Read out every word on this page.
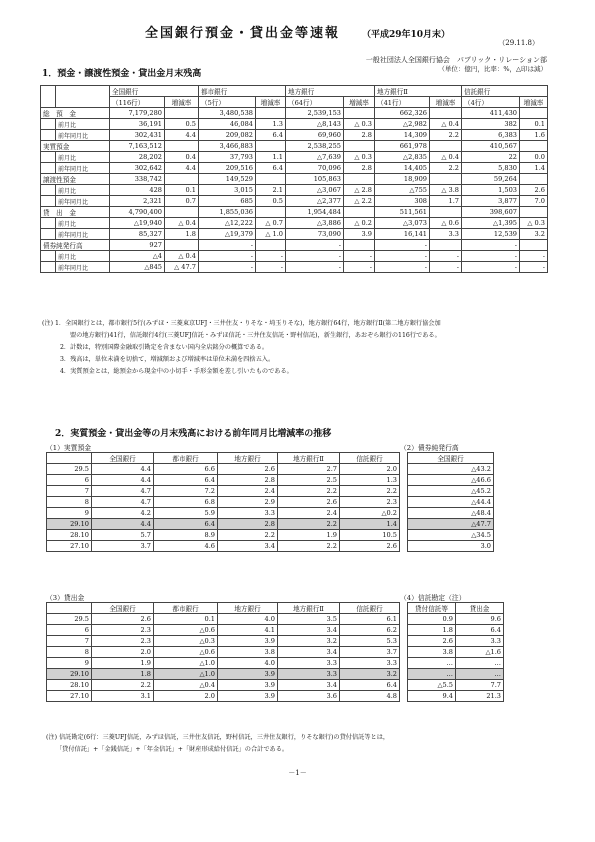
全国銀行預金・貸出金等速報 （平成29年10月末）
（29.11.8）
一般社団法人全国銀行協会　パブリック・リレーション部
1．預金・譲渡性預金・貸出金月末残高	（単位：億円，比率：%，△印は減）
		全国銀行		都市銀行		地方銀行		地方銀行Ⅱ		信託銀行	
		（116行）	増減率	（5行）	増減率	（64行）	増減率	（41行）	増減率	（4行）	増減率
総　預　金		7,179,280		3,480,538		2,539,153		662,326		411,430	
	前月比	36,191	0.5	46,084	1.3	△8,143	△ 0.3	△2,982	△ 0.4	382	0.1
	前年同月比	302,431	4.4	209,082	6.4	69,960	2.8	14,309	2.2	6,383	1.6
実質預金		7,163,512		3,466,883		2,538,255		661,978		410,567	
	前月比	28,202	0.4	37,793	1.1	△7,639	△ 0.3	△2,835	△ 0.4	22	0.0
	前年同月比	302,642	4.4	209,516	6.4	70,096	2.8	14,405	2.2	5,830	1.4
譲渡性預金		338,742		149,529		105,863		18,909		59,264	
	前月比	428	0.1	3,015	2.1	△3,067	△ 2.8	△755	△ 3.8	1,503	2.6
	前年同月比	2,321	0.7	685	0.5	△2,377	△ 2.2	308	1.7	3,877	7.0
貸　出　金		4,790,400		1,855,036		1,954,484		511,561		398,607	
	前月比	△19,940	△ 0.4	△12,222	△ 0.7	△3,886	△ 0.2	△3,073	△ 0.6	△1,395	△ 0.3
	前年同月比	85,327	1.8	△19,379	△ 1.0	73,090	3.9	16,141	3.3	12,539	3.2
債券純発行高		927		-		-		-		-	
	前月比	△4	△ 0.4	-	-	-	-	-	-	-	-
	前年同月比	△845	△ 47.7	-	-	-	-	-	-	-	-
(注) 1．全国銀行とは，都市銀行5行(みずほ・三菱東京UFJ・三井住友・りそな・埼玉りそな)，地方銀行64行，地方銀行Ⅱ(第二地方銀行協会加
盟の地方銀行)41行，信託銀行4行(三菱UFJ信託・みずほ信託・三井住友信託・野村信託)，新生銀行，あおぞら銀行の116行である。
2．計数は，特別国際金融取引勘定を含まない国内全店銘分の概算である。
3．残高は，単位未満を切捨て，増減額および増減率は単位未満を四捨五入。
4．実質預金とは，総預金から現金中の小切手・手形金額を差し引いたものである。
2．実質預金・貸出金等の月末残高における前年同月比増減率の推移
（1）実質預金	（2）債券純発行高
	全国銀行	都市銀行	地方銀行	地方銀行Ⅱ	信託銀行		全国銀行
29.5	4.4	6.6	2.6	2.7	2.0		△43.2
6	4.4	6.4	2.8	2.5	1.3		△46.6
7	4.7	7.2	2.4	2.2	2.2		△45.2
8	4.7	6.8	2.9	2.6	2.3		△44.4
9	4.2	5.9	3.3	2.4	△0.2		△48.4
29.10	4.4	6.4	2.8	2.2	1.4		△47.7
28.10	5.7	8.9	2.2	1.9	10.5		△34.5
27.10	3.7	4.6	3.4	2.2	2.6		3.0
（3）貸出金	（4）信託勘定（注）
	全国銀行	都市銀行	地方銀行	地方銀行Ⅱ	信託銀行		貸付信託等	貸出金
29.5	2.6	0.1	4.0	3.5	6.1		0.9	9.6
6	2.3	△0.6	4.1	3.4	6.2		1.8	6.4
7	2.3	△0.3	3.9	3.2	5.3		2.6	3.3
8	2.0	△0.6	3.8	3.4	3.7		3.8	△1.6
9	1.9	△1.0	4.0	3.3	3.3		…	…
29.10	1.8	△1.0	3.9	3.3	3.2		…	…
28.10	2.2	△0.4	3.9	3.4	6.4		△5.5	7.7
27.10	3.1	2.0	3.9	3.6	4.8		9.4	21.3
(注) 信託勘定(6行：三菱UFJ信託，みずほ信託，三井住友信託，野村信託，三井住友銀行，りそな銀行)の貸付信託等とは，
「貸付信託」+「金銭信託」+「年金信託」+「財産形成給付信託」の合計である。
－1－
